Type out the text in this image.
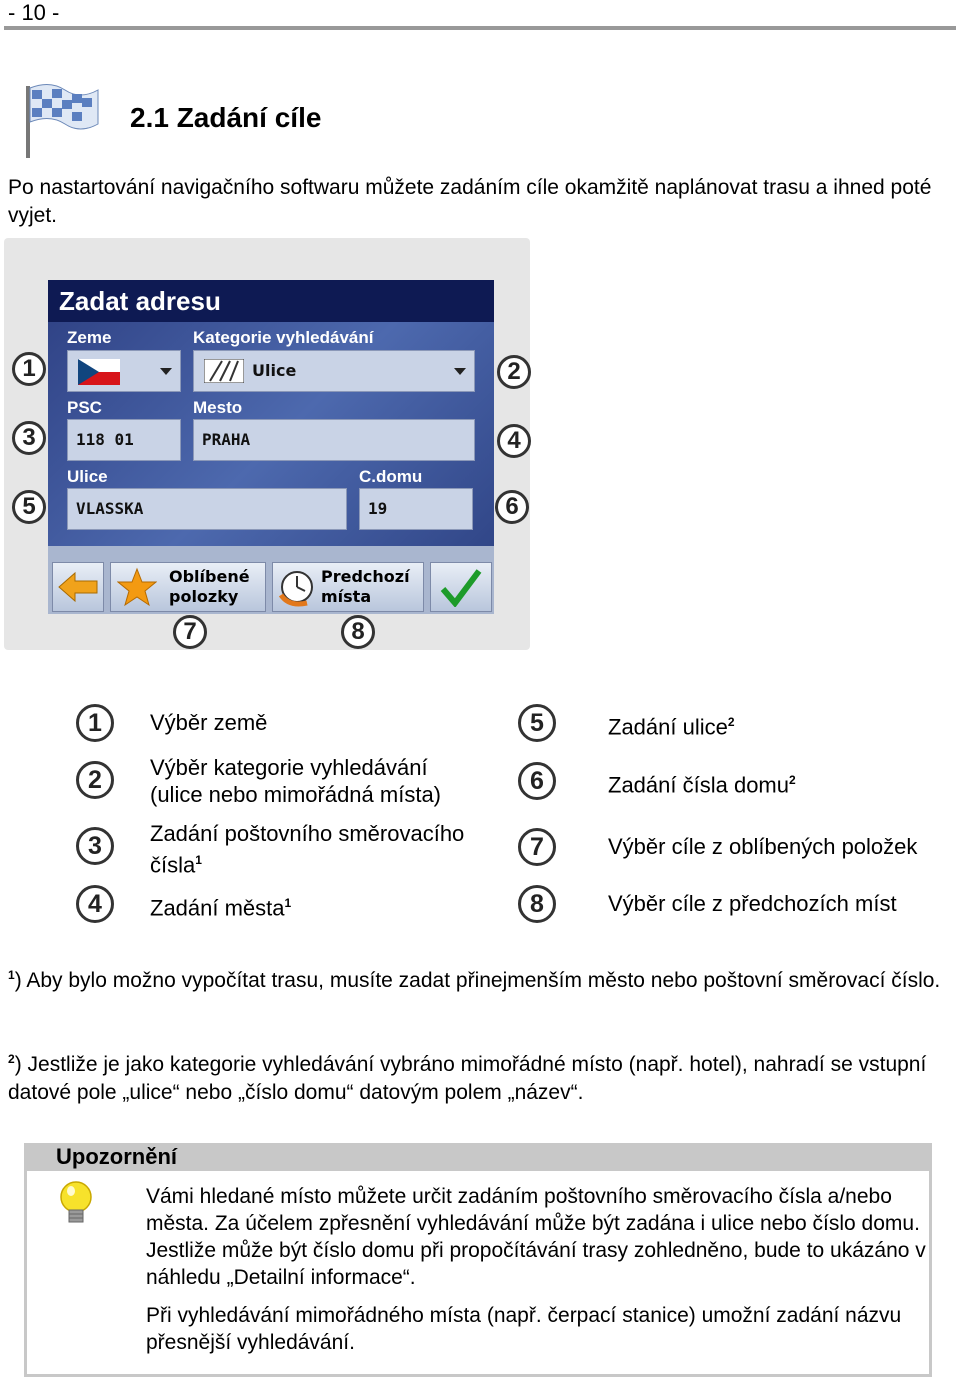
- 10 -
2.1 Zadání cíle
Po nastartování navigačního softwaru můžete zadáním cíle okamžitě naplánovat trasu a ihned poté vyjet.
Zadat adresu
Zeme	Kategorie vyhledávání
Ulice
PSC
118 01
Mesto
PRAHA
Ulice
VLASSKA
C.domu
19
Oblíbené
polozky
Predchozí
místa
1	2
3	4
5	6
7	8
1	Výběr země
2	Výběr kategorie vyhledávání (ulice nebo mimořádná místa)
3	Zadání poštovního směrovacího čísla$^1$
4	Zadání města$^1$
5	Zadání ulice$^2$
6	Zadání čísla domu$^2$
7	Výběr cíle z oblíbených položek
8	Výběr cíle z předchozích míst
$^1$) Aby bylo možno vypočítat trasu, musíte zadat přinejmenším město nebo poštovní směrovací číslo.
$^2$) Jestliže je jako kategorie vyhledávání vybráno mimořádné místo (např. hotel), nahradí se vstupní datové pole „ulice“ nebo „číslo domu“ datovým polem „název“.
Upozornění
Vámi hledané místo můžete určit zadáním poštovního směrovacího čísla a/nebo města. Za účelem zpřesnění vyhledávání může být zadána i ulice nebo číslo domu. Jestliže může být číslo domu při propočítávání trasy zohledněno, bude to ukázáno v náhledu „Detailní informace“.
Při vyhledávání mimořádného místa (např. čerpací stanice) umožní zadání názvu přesnější vyhledávání.
